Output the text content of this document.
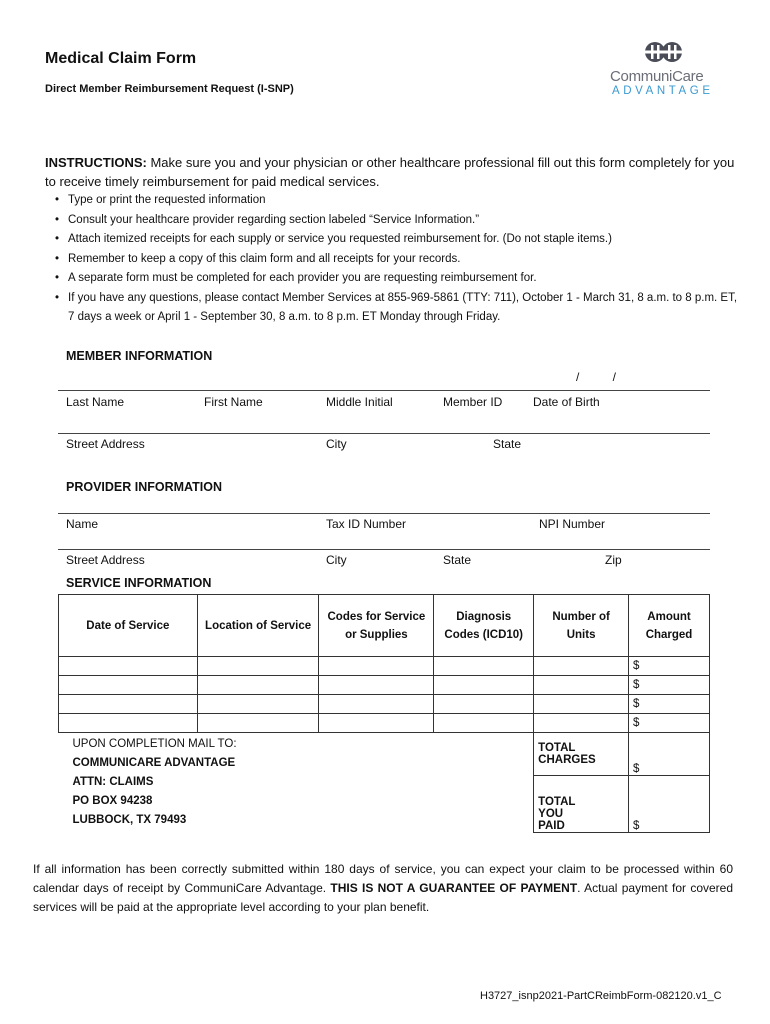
Medical Claim Form
Direct Member Reimbursement Request (I-SNP)
CommuniCare
ADVANTAGE
INSTRUCTIONS: Make sure you and your physician or other healthcare professional fill out this form completely for you to receive timely reimbursement for paid medical services.
• Type or print the requested information
• Consult your healthcare provider regarding section labeled “Service Information.”
• Attach itemized receipts for each supply or service you requested reimbursement for. (Do not staple items.)
• Remember to keep a copy of this claim form and all receipts for your records.
• A separate form must be completed for each provider you are requesting reimbursement for.
• If you have any questions, please contact Member Services at 855-969-5861 (TTY: 711), October 1 - March 31, 8 a.m. to 8 p.m. ET, 7 days a week or April 1 - September 30, 8 a.m. to 8 p.m. ET Monday through Friday.
MEMBER INFORMATION
/          /
Last Name	First Name	Middle Initial	Member ID	Date of Birth
Street Address	City	State
PROVIDER INFORMATION
Name	Tax ID Number	NPI Number
Street Address	City	State	Zip
SERVICE INFORMATION
Date of Service	Location of Service	Codes for Service or Supplies	Diagnosis Codes (ICD10)	Number of Units	Amount Charged
					$
					$
					$
					$

UPON COMPLETION MAIL TO:
COMMUNICARE ADVANTAGE
ATTN: CLAIMS
PO BOX 94238
LUBBOCK, TX 79493				TOTAL CHARGES	$
				TOTAL YOU PAID	$
If all information has been correctly submitted within 180 days of service, you can expect your claim to be processed within 60 calendar days of receipt by CommuniCare Advantage. THIS IS NOT A GUARANTEE OF PAYMENT. Actual payment for covered services will be paid at the appropriate level according to your plan benefit.
H3727_isnp2021-PartCReimbForm-082120.v1_C
